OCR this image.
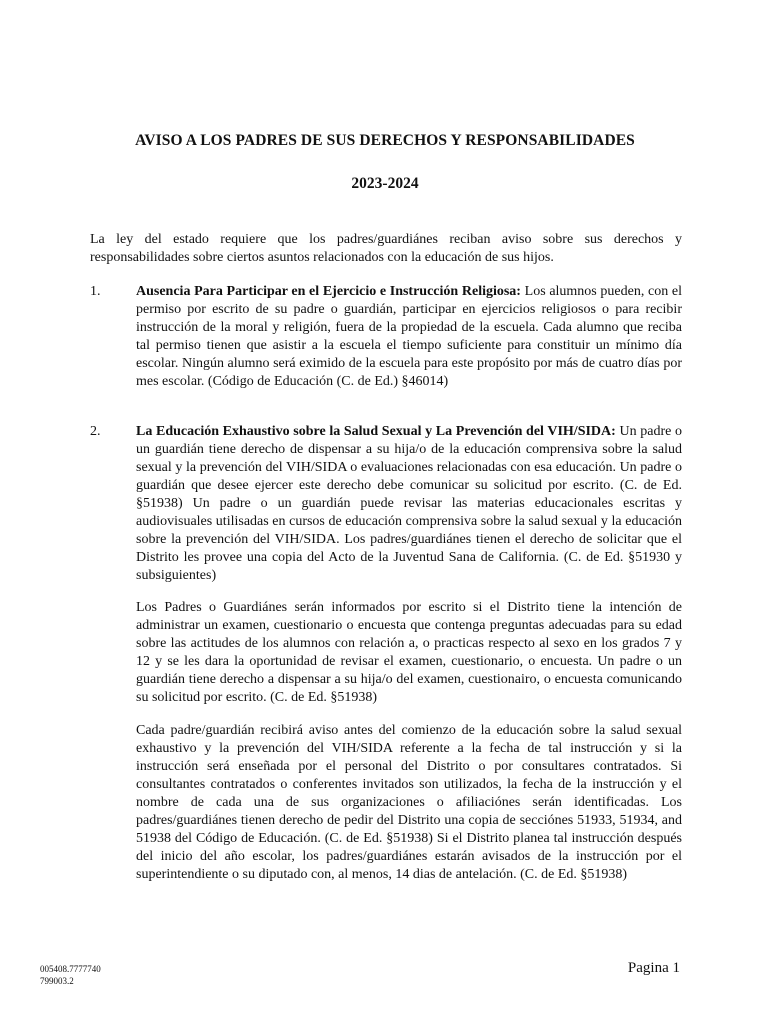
AVISO A LOS PADRES DE SUS DERECHOS Y RESPONSABILIDADES
2023-2024
La ley del estado requiere que los padres/guardiánes reciban aviso sobre sus derechos y responsabilidades sobre ciertos asuntos relacionados con la educación de sus hijos.
1.	Ausencia Para Participar en el Ejercicio e Instrucción Religiosa: Los alumnos pueden, con el permiso por escrito de su padre o guardián, participar en ejercicios religiosos o para recibir instrucción de la moral y religión, fuera de la propiedad de la escuela. Cada alumno que reciba tal permiso tienen que asistir a la escuela el tiempo suficiente para constituir un mínimo día escolar. Ningún alumno será eximido de la escuela para este propósito por más de cuatro días por mes escolar. (Código de Educación (C. de Ed.) §46014)
2.	La Educación Exhaustivo sobre la Salud Sexual y La Prevención del VIH/SIDA: Un padre o un guardián tiene derecho de dispensar a su hija/o de la educación comprensiva sobre la salud sexual y la prevención del VIH/SIDA o evaluaciones relacionadas con esa educación. Un padre o guardián que desee ejercer este derecho debe comunicar su solicitud por escrito. (C. de Ed. §51938) Un padre o un guardián puede revisar las materias educacionales escritas y audiovisuales utilisadas en cursos de educación comprensiva sobre la salud sexual y la educación sobre la prevención del VIH/SIDA. Los padres/guardiánes tienen el derecho de solicitar que el Distrito les provee una copia del Acto de la Juventud Sana de California. (C. de Ed. §51930 y subsiguientes)
Los Padres o Guardiánes serán informados por escrito si el Distrito tiene la intención de administrar un examen, cuestionario o encuesta que contenga preguntas adecuadas para su edad sobre las actitudes de los alumnos con relación a, o practicas respecto al sexo en los grados 7 y 12 y se les dara la oportunidad de revisar el examen, cuestionario, o encuesta. Un padre o un guardián tiene derecho a dispensar a su hija/o del examen, cuestionairo, o encuesta comunicando su solicitud por escrito. (C. de Ed. §51938)
Cada padre/guardián recibirá aviso antes del comienzo de la educación sobre la salud sexual exhaustivo y la prevención del VIH/SIDA referente a la fecha de tal instrucción y si la instrucción será enseñada por el personal del Distrito o por consultares contratados. Si consultantes contratados o conferentes invitados son utilizados, la fecha de la instrucción y el nombre de cada una de sus organizaciones o afiliaciónes serán identificadas. Los padres/guardiánes tienen derecho de pedir del Distrito una copia de secciónes 51933, 51934, and 51938 del Código de Educación. (C. de Ed. §51938) Si el Distrito planea tal instrucción después del inicio del año escolar, los padres/guardiánes estarán avisados de la instrucción por el superintendiente o su diputado con, al menos, 14 dias de antelación. (C. de Ed. §51938)
005408.7777740
799003.2
Pagina 1
